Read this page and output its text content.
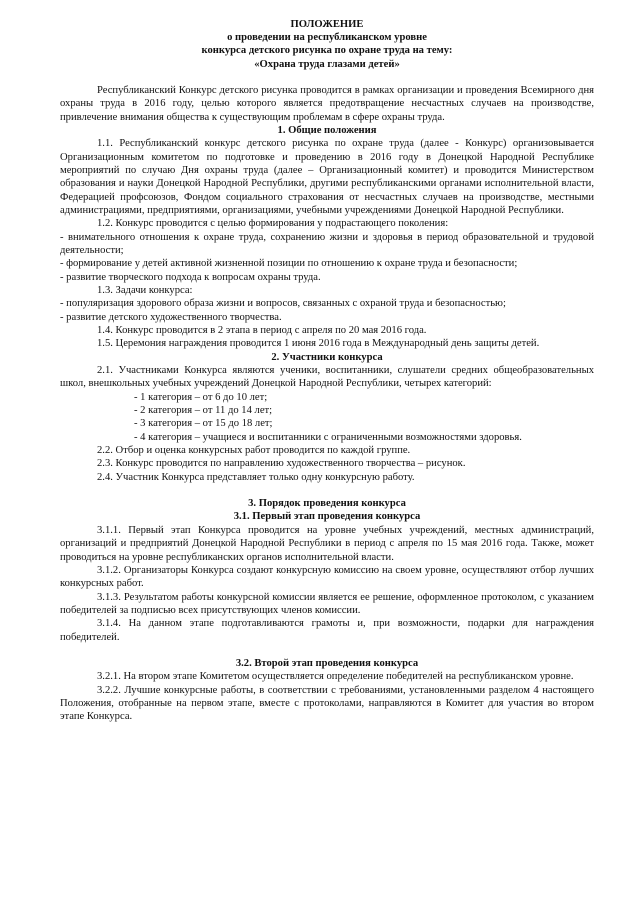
ПОЛОЖЕНИЕ
о проведении на республиканском уровне
конкурса детского рисунка по охране труда на тему:
«Охрана труда глазами детей»

Республиканский Конкурс детского рисунка проводится в рамках организации и проведения Всемирного дня охраны труда в 2016 году, целью которого является предотвращение несчастных случаев на производстве, привлечение внимания общества к существующим проблемам в сфере охраны труда.

1. Общие положения

1.1. Республиканский конкурс детского рисунка по охране труда (далее - Конкурс) организовывается Организационным комитетом по подготовке и проведению в 2016 году в Донецкой Народной Республике мероприятий по случаю Дня охраны труда (далее – Организационный комитет) и проводится Министерством образования и науки Донецкой Народной Республики, другими республиканскими органами исполнительной власти, Федерацией профсоюзов, Фондом социального страхования от несчастных случаев на производстве, местными администрациями, предприятиями, организациями, учебными учреждениями Донецкой Народной Республики.

1.2. Конкурс проводится с целью формирования у подрастающего поколения:

- внимательного отношения к охране труда, сохранению жизни и здоровья в период образовательной и трудовой деятельности;

- формирование у детей активной жизненной позиции по отношению к охране труда и безопасности;

- развитие творческого подхода к вопросам охраны труда.

1.3. Задачи конкурса:

- популяризация здорового образа жизни и вопросов, связанных с охраной труда и безопасностью;

- развитие детского художественного творчества.

1.4. Конкурс проводится в 2 этапа в период с апреля по 20 мая 2016 года.

1.5. Церемония награждения проводится 1 июня 2016 года в Международный день защиты детей.

2. Участники конкурса

2.1. Участниками Конкурса являются ученики, воспитанники, слушатели средних общеобразовательных школ, внешкольных учебных учреждений Донецкой Народной Республики, четырех категорий:

- 1 категория – от 6 до 10 лет;

- 2 категория – от 11 до 14 лет;

- 3 категория – от 15 до 18 лет;

- 4 категория – учащиеся и воспитанники с ограниченными возможностями здоровья.

2.2. Отбор и оценка конкурсных работ проводится по каждой группе.

2.3. Конкурс проводится по направлению художественного творчества – рисунок.

2.4. Участник Конкурса представляет только одну конкурсную работу.

3. Порядок проведения конкурса
3.1. Первый этап проведения конкурса

3.1.1. Первый этап Конкурса проводится на уровне учебных учреждений, местных администраций, организаций и предприятий Донецкой Народной Республики в период с апреля по 15 мая 2016 года. Также, может проводиться на уровне республиканских органов исполнительной власти.

3.1.2. Организаторы Конкурса создают конкурсную комиссию на своем уровне, осуществляют отбор лучших конкурсных работ.

3.1.3. Результатом работы конкурсной комиссии является ее решение, оформленное протоколом, с указанием победителей за подписью всех присутствующих членов комиссии.

3.1.4. На данном этапе подготавливаются грамоты и, при возможности, подарки для награждения победителей.

3.2. Второй этап проведения конкурса

3.2.1. На втором этапе Комитетом осуществляется определение победителей на республиканском уровне.

3.2.2. Лучшие конкурсные работы, в соответствии с требованиями, установленными разделом 4 настоящего Положения, отобранные на первом этапе, вместе с протоколами, направляются в Комитет для участия во втором этапе Конкурса.
